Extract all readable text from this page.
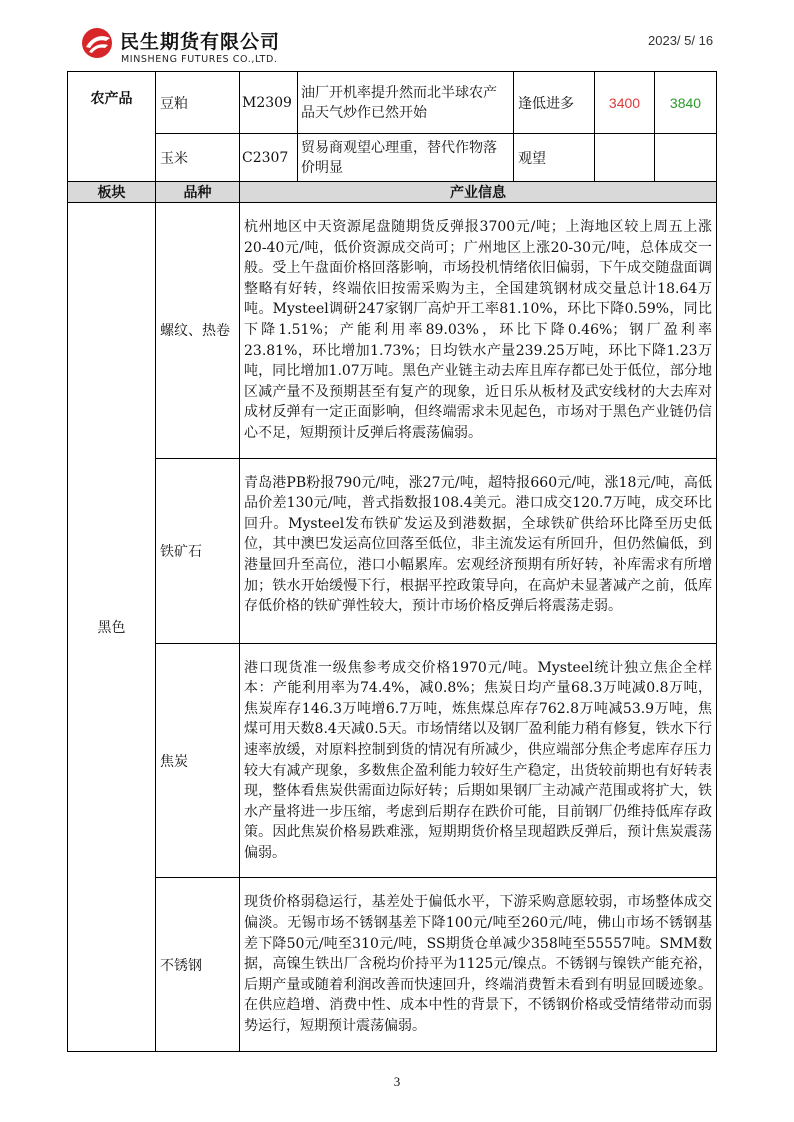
民生期货有限公司
MINSHENG FUTURES CO.,LTD.
2023/ 5/ 16
农产品	豆粕	M2309	油厂开机率提升然而北半球农产品天气炒作已然开始	逢低进多	3400	3840
	玉米	C2307	贸易商观望心理重，替代作物落价明显	观望		
板块	品种	产业信息				
黑色	螺纹、热卷	杭州地区中天资源尾盘随期货反弹报3700元/吨；上海地区较上周五上涨20-40元/吨，低价资源成交尚可；广州地区上涨20-30元/吨，总体成交一般。受上午盘面价格回落影响，市场投机情绪依旧偏弱，下午成交随盘面调整略有好转，终端依旧按需采购为主，全国建筑钢材成交量总计18.64万吨。Mysteel调研247家钢厂高炉开工率81.10%，环比下降0.59%，同比下降1.51%；产能利用率89.03%，环比下降0.46%；钢厂盈利率23.81%，环比增加1.73%；日均铁水产量239.25万吨，环比下降1.23万吨，同比增加1.07万吨。黑色产业链主动去库且库存都已处于低位，部分地区减产量不及预期甚至有复产的现象，近日乐从板材及武安线材的大去库对成材反弹有一定正面影响，但终端需求未见起色，市场对于黑色产业链仍信心不足，短期预计反弹后将震荡偏弱。				
	铁矿石	青岛港PB粉报790元/吨，涨27元/吨，超特报660元/吨，涨18元/吨，高低品价差130元/吨，普式指数报108.4美元。港口成交120.7万吨，成交环比回升。Mysteel发布铁矿发运及到港数据，全球铁矿供给环比降至历史低位，其中澳巴发运高位回落至低位，非主流发运有所回升，但仍然偏低，到港量回升至高位，港口小幅累库。宏观经济预期有所好转，补库需求有所增加；铁水开始缓慢下行，根据平控政策导向，在高炉未显著减产之前，低库存低价格的铁矿弹性较大，预计市场价格反弹后将震荡走弱。				
	焦炭	港口现货准一级焦参考成交价格1970元/吨。Mysteel统计独立焦企全样本：产能利用率为74.4%，减0.8%；焦炭日均产量68.3万吨减0.8万吨，焦炭库存146.3万吨增6.7万吨，炼焦煤总库存762.8万吨减53.9万吨，焦煤可用天数8.4天减0.5天。市场情绪以及钢厂盈利能力稍有修复，铁水下行速率放缓，对原料控制到货的情况有所减少，供应端部分焦企考虑库存压力较大有减产现象，多数焦企盈利能力较好生产稳定，出货较前期也有好转表现，整体看焦炭供需面边际好转；后期如果钢厂主动减产范围或将扩大，铁水产量将进一步压缩，考虑到后期存在跌价可能，目前钢厂仍维持低库存政策。因此焦炭价格易跌难涨，短期期货价格呈现超跌反弹后，预计焦炭震荡偏弱。				
	不锈钢	现货价格弱稳运行，基差处于偏低水平，下游采购意愿较弱，市场整体成交偏淡。无锡市场不锈钢基差下降100元/吨至260元/吨，佛山市场不锈钢基差下降50元/吨至310元/吨，SS期货仓单减少358吨至55557吨。SMM数据，高镍生铁出厂含税均价持平为1125元/镍点。不锈钢与镍铁产能充裕，后期产量或随着利润改善而快速回升，终端消费暂未看到有明显回暖迹象。在供应趋增、消费中性、成本中性的背景下，不锈钢价格或受情绪带动而弱势运行，短期预计震荡偏弱。				
3
